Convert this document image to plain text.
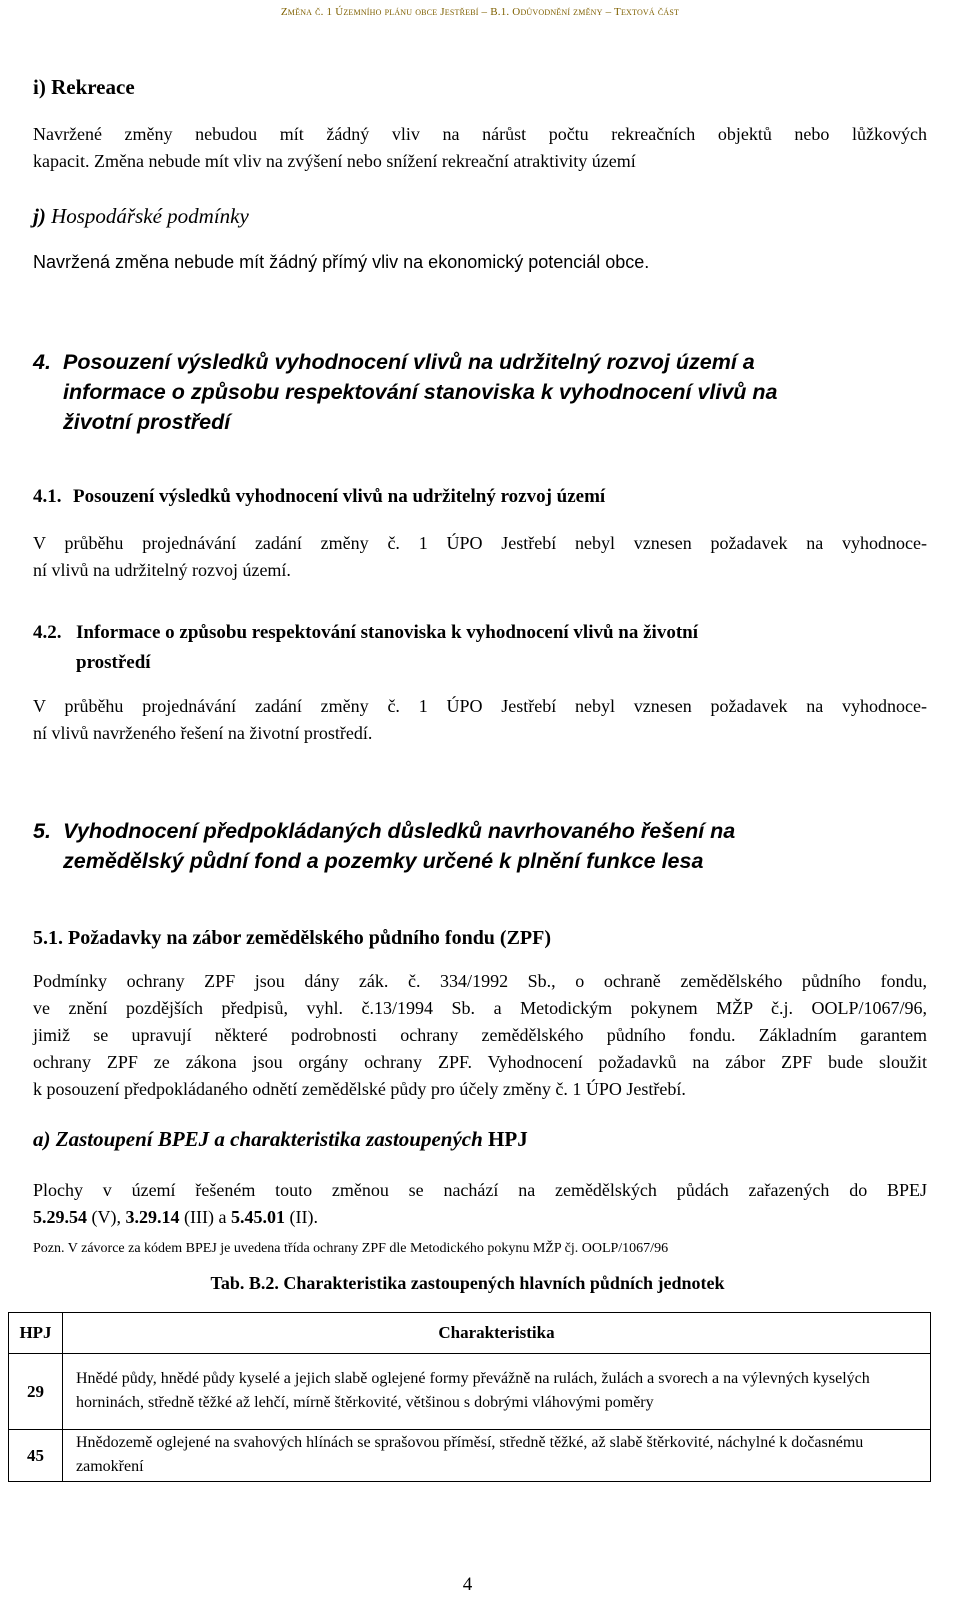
Změna č. 1 Územního plánu obce Jestřebí – B.1. Odůvodnění změny – Textová část
i) Rekreace
Navržené změny nebudou mít žádný vliv na nárůst počtu rekreačních objektů nebo lůžkových
kapacit. Změna nebude mít vliv na zvýšení nebo snížení rekreační atraktivity území
j) Hospodářské podmínky
Navržená změna nebude mít žádný přímý vliv na ekonomický potenciál obce.
4. Posouzení výsledků vyhodnocení vlivů na udržitelný rozvoj území a
informace o způsobu respektování stanoviska k vyhodnocení vlivů na
životní prostředí
4.1. Posouzení výsledků vyhodnocení vlivů na udržitelný rozvoj území
V průběhu projednávání zadání změny č. 1 ÚPO Jestřebí nebyl vznesen požadavek na vyhodnoce-
ní vlivů na udržitelný rozvoj území.
4.2. Informace o způsobu respektování stanoviska k vyhodnocení vlivů na životní
prostředí
V průběhu projednávání zadání změny č. 1 ÚPO Jestřebí nebyl vznesen požadavek na vyhodnoce-
ní vlivů navrženého řešení na životní prostředí.
5. Vyhodnocení předpokládaných důsledků navrhovaného řešení na
zemědělský půdní fond a pozemky určené k plnění funkce lesa
5.1. Požadavky na zábor zemědělského půdního fondu (ZPF)
Podmínky ochrany ZPF jsou dány zák. č. 334/1992 Sb., o ochraně zemědělského půdního fondu,
ve znění pozdějších předpisů, vyhl. č.13/1994 Sb. a Metodickým pokynem MŽP č.j. OOLP/1067/96,
jimiž se upravují některé podrobnosti ochrany zemědělského půdního fondu. Základním garantem
ochrany ZPF ze zákona jsou orgány ochrany ZPF. Vyhodnocení požadavků na zábor ZPF bude sloužit
k posouzení předpokládaného odnětí zemědělské půdy pro účely změny č. 1 ÚPO Jestřebí.
a) Zastoupení BPEJ a charakteristika zastoupených HPJ
Plochy v území řešeném touto změnou se nachází na zemědělských půdách zařazených do BPEJ
5.29.54 (V), 3.29.14 (III) a 5.45.01 (II).
Pozn. V závorce za kódem BPEJ je uvedena třída ochrany ZPF dle Metodického pokynu MŽP čj. OOLP/1067/96
Tab. B.2. Charakteristika zastoupených hlavních půdních jednotek
HPJ	Charakteristika
29	Hnědé půdy, hnědé půdy kyselé a jejich slabě oglejené formy převážně na rulách, žulách a svorech a na výlevných kyselých horninách, středně těžké až lehčí, mírně štěrkovité, většinou s dobrými vláhovými poměry
45	Hnědozemě oglejené na svahových hlínách se sprašovou příměsí, středně těžké, až slabě štěrkovité, náchylné k dočasnému zamokření
4
